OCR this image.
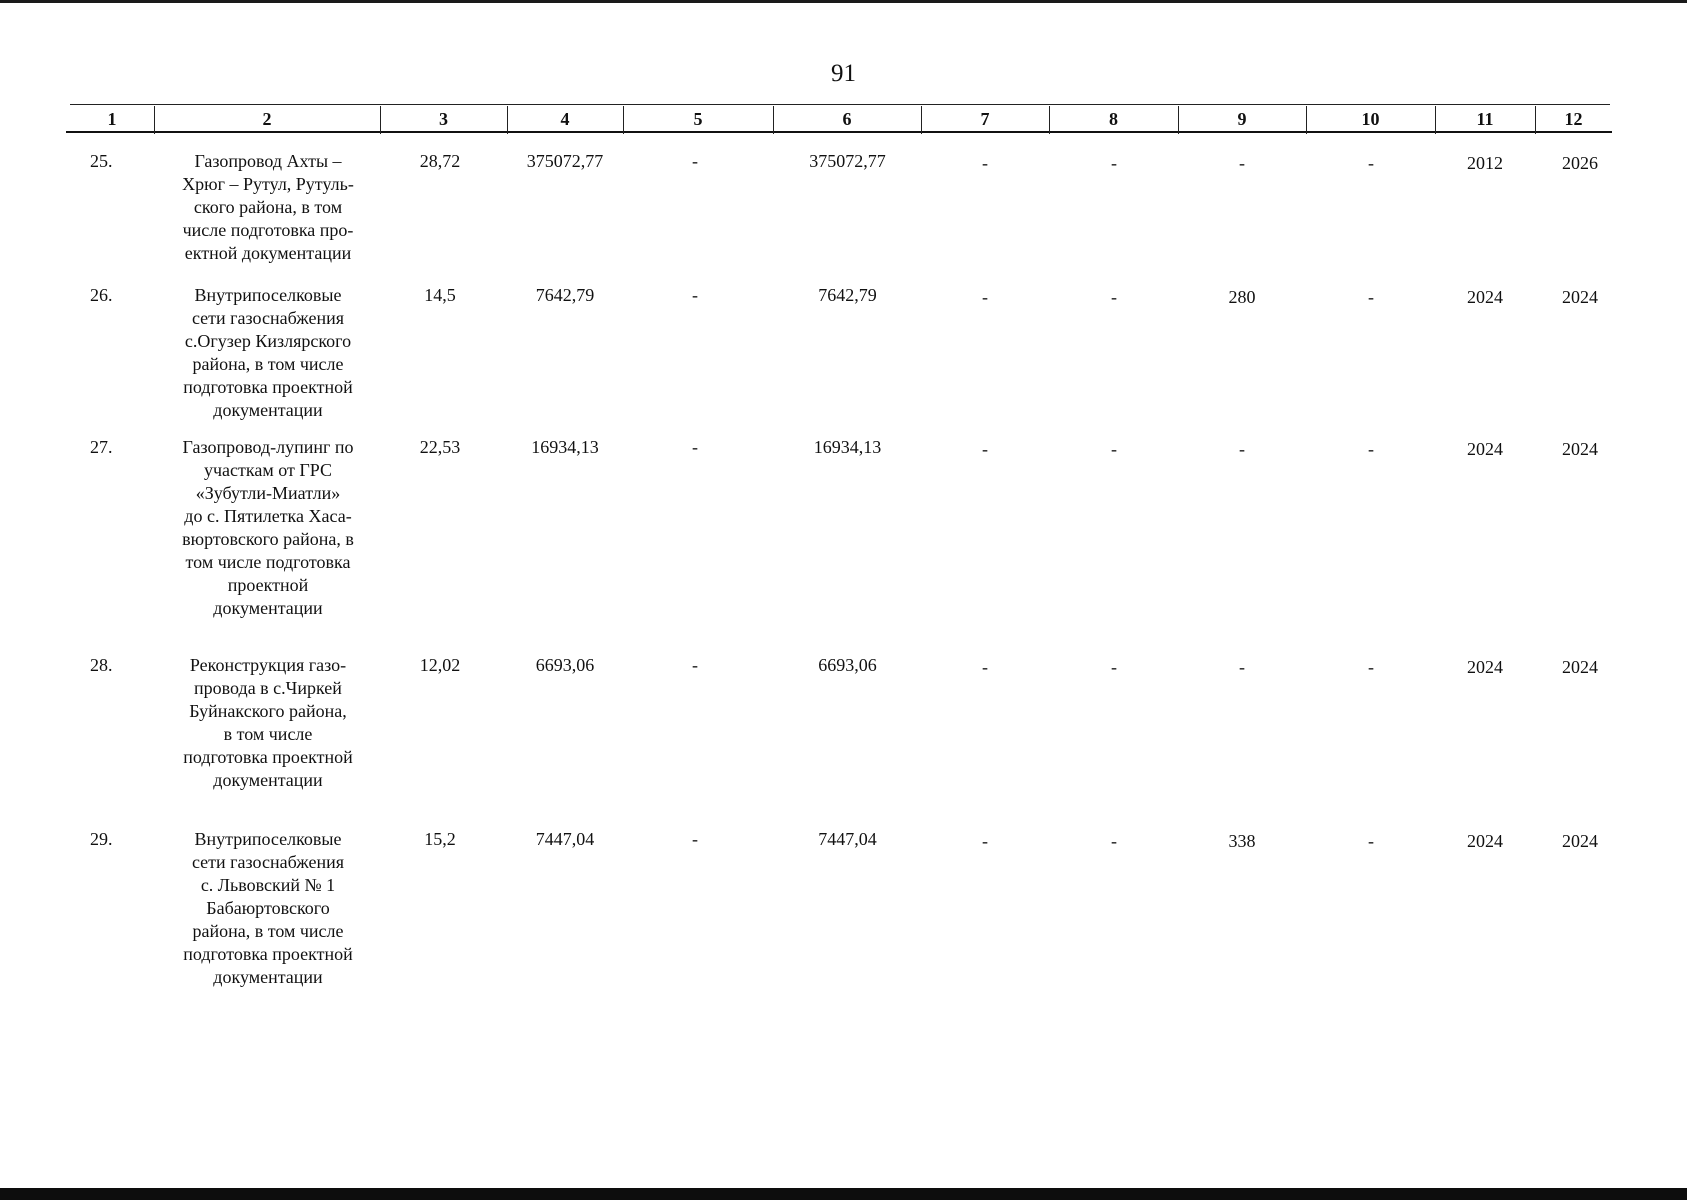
91
1	2	3	4	5	6	7	8	9	10	11	12
25.	Газопровод Ахты –
Хрюг – Рутул, Рутуль-
ского района, в том
числе подготовка про-
ектной документации
28,72	375072,77	-	375072,77	-	-	-	-	2012	2026
26.	Внутрипоселковые
сети газоснабжения
с.Огузер Кизлярского
района, в том числе
подготовка проектной
документации
14,5	7642,79	-	7642,79	-	-	280	-	2024	2024
27.	Газопровод-лупинг по
участкам от ГРС
«Зубутли-Миатли»
до с. Пятилетка Хаса-
вюртовского района, в
том числе подготовка
проектной
документации
22,53	16934,13	-	16934,13	-	-	-	-	2024	2024
28.	Реконструкция газо-
провода в с.Чиркей
Буйнакского района,
в том числе
подготовка проектной
документации
12,02	6693,06	-	6693,06	-	-	-	-	2024	2024
29.	Внутрипоселковые
сети газоснабжения
с. Львовский № 1
Бабаюртовского
района, в том числе
подготовка проектной
документации
15,2	7447,04	-	7447,04	-	-	338	-	2024	2024
